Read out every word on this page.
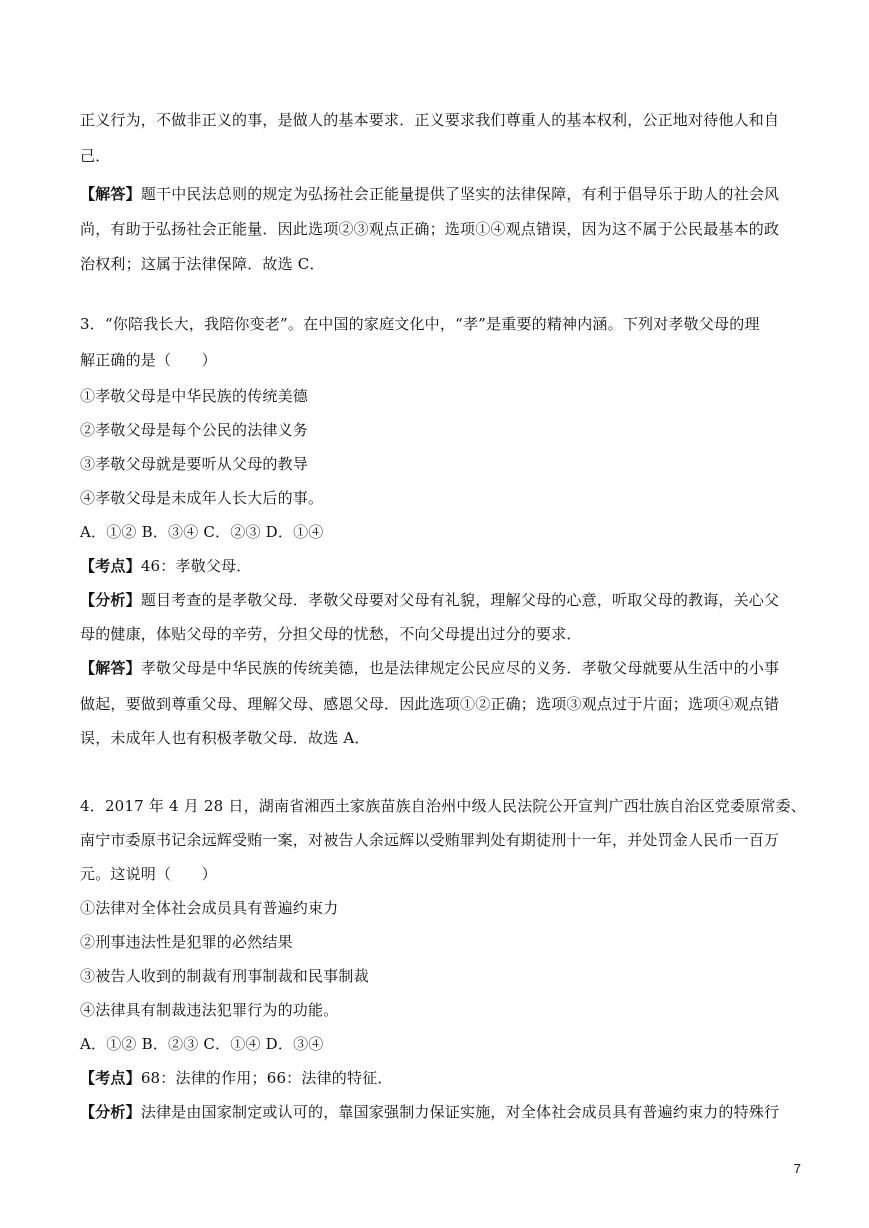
正义行为，不做非正义的事，是做人的基本要求．正义要求我们尊重人的基本权利，公正地对待他人和自
己．
【解答】题干中民法总则的规定为弘扬社会正能量提供了坚实的法律保障，有利于倡导乐于助人的社会风
尚，有助于弘扬社会正能量．因此选项②③观点正确；选项①④观点错误，因为这不属于公民最基本的政
治权利；这属于法律保障．故选 C．
3．“你陪我长大，我陪你变老”。在中国的家庭文化中，“孝”是重要的精神内涵。下列对孝敬父母的理
解正确的是（　　）
①孝敬父母是中华民族的传统美德
②孝敬父母是每个公民的法律义务
③孝敬父母就是要听从父母的教导
④孝敬父母是未成年人长大后的事。
A．①② B．③④ C．②③ D．①④
【考点】46：孝敬父母．
【分析】题目考查的是孝敬父母．孝敬父母要对父母有礼貌，理解父母的心意，听取父母的教诲，关心父
母的健康，体贴父母的辛劳，分担父母的忧愁，不向父母提出过分的要求．
【解答】孝敬父母是中华民族的传统美德，也是法律规定公民应尽的义务．孝敬父母就要从生活中的小事
做起，要做到尊重父母、理解父母、感恩父母．因此选项①②正确；选项③观点过于片面；选项④观点错
误，未成年人也有积极孝敬父母．故选 A．
4．2017 年 4 月 28 日，湖南省湘西土家族苗族自治州中级人民法院公开宣判广西壮族自治区党委原常委、
南宁市委原书记余远辉受贿一案，对被告人余远辉以受贿罪判处有期徒刑十一年，并处罚金人民币一百万
元。这说明（　　）
①法律对全体社会成员具有普遍约束力
②刑事违法性是犯罪的必然结果
③被告人收到的制裁有刑事制裁和民事制裁
④法律具有制裁违法犯罪行为的功能。
A．①② B．②③ C．①④ D．③④
【考点】68：法律的作用；66：法律的特征．
【分析】法律是由国家制定或认可的，靠国家强制力保证实施，对全体社会成员具有普遍约束力的特殊行
7
